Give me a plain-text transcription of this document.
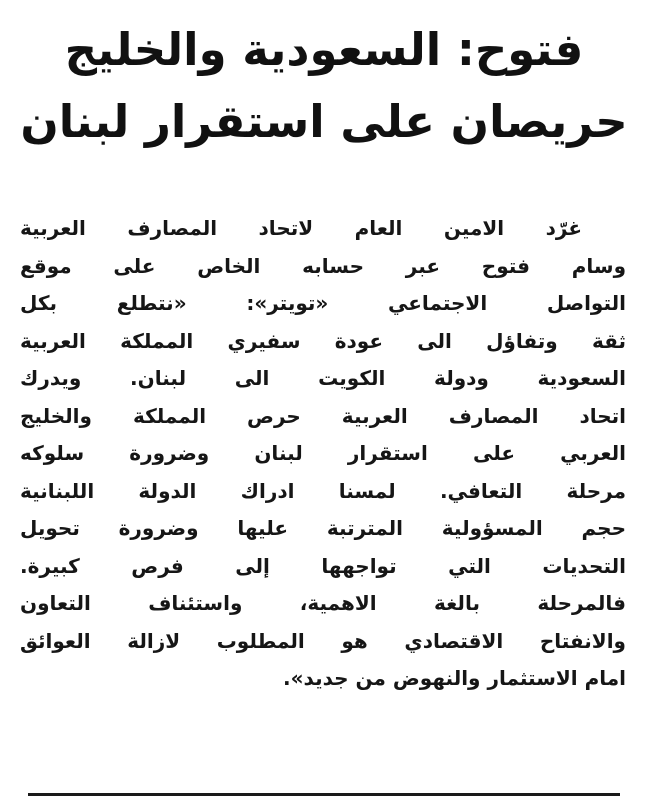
فتوح: السعودية والخليج
حريصان على استقرار لبنان
غرّد الامين العام لاتحاد المصارف العربية
وسام فتوح عبر حسابه الخاص على موقع
التواصل الاجتماعي «تويتر»: «نتطلع بكل
ثقة وتفاؤل الى عودة سفيري المملكة العربية
السعودية ودولة الكويت الى لبنان. ويدرك
اتحاد المصارف العربية حرص المملكة والخليج
العربي على استقرار لبنان وضرورة سلوكه
مرحلة التعافي. لمسنا ادراك الدولة اللبنانية
حجم المسؤولية المترتبة عليها وضرورة تحويل
التحديات التي تواجهها إلى فرص كبيرة.
فالمرحلة بالغة الاهمية، واستئناف التعاون
والانفتاح الاقتصادي هو المطلوب لازالة العوائق
امام الاستثمار والنهوض من جديد».
